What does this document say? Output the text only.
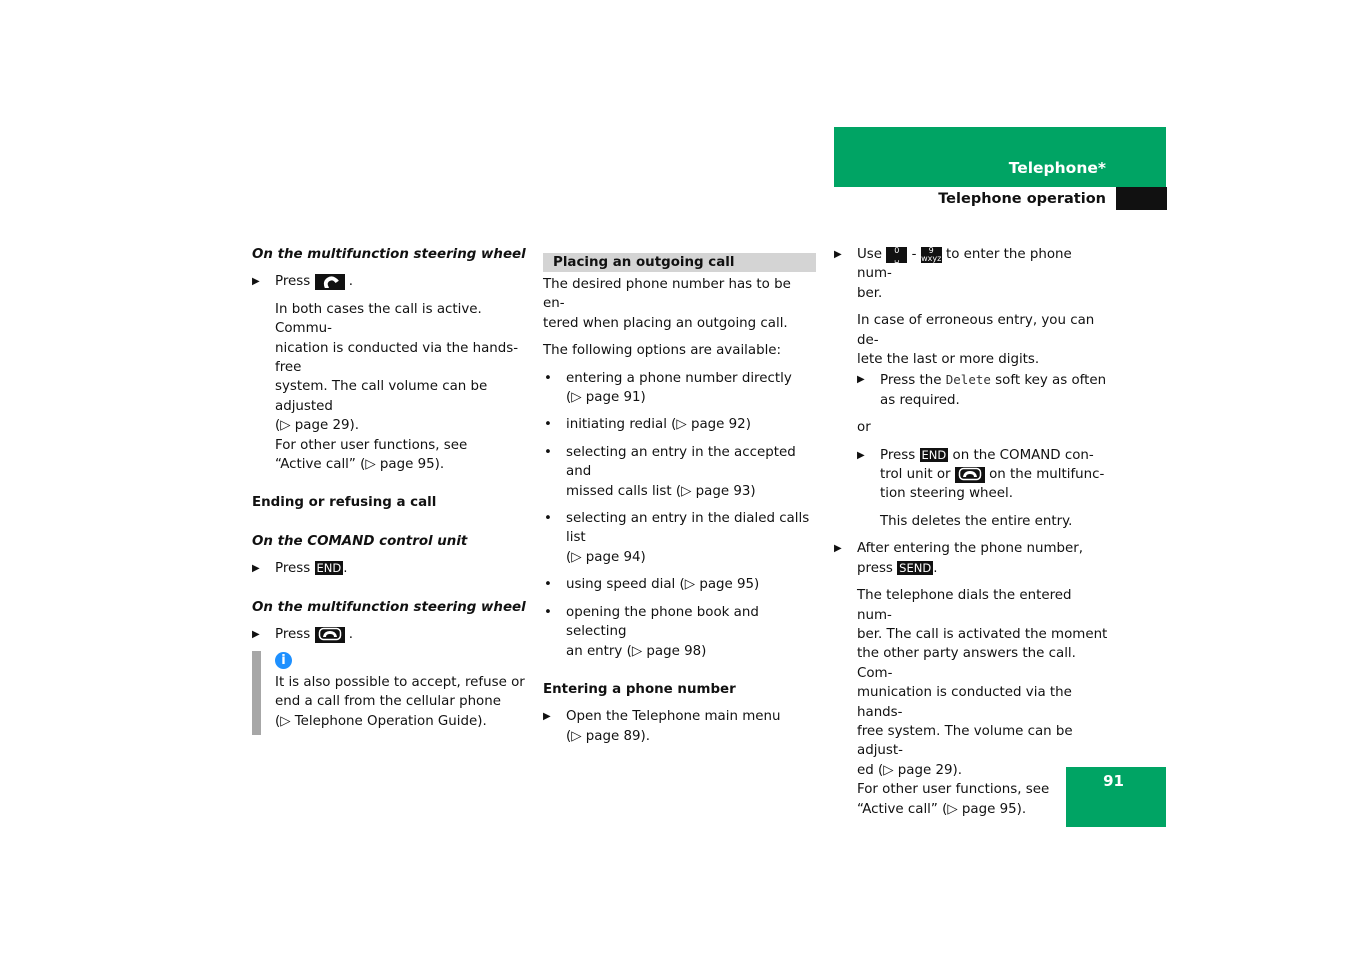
Telephone*
Telephone operation

On the multifunction steering wheel

▶ Press	.

In both cases the call is active. Commu-

nication is conducted via the hands-free

system. The call volume can be adjusted

(▷ page 29).

For other user functions, see

“Active call” (▷ page 95).

Ending or refusing a call

On the COMAND control unit

▶ Press END .

On the multifunction steering wheel

▶ Press	.

i

It is also possible to accept, refuse or

end a call from the cellular phone

(▷ Telephone Operation Guide).

Placing an outgoing call

The desired phone number has to be en-

tered when placing an outgoing call.

The following options are available:

• entering a phone number directly

(▷ page 91)

• initiating redial (▷ page 92)

• selecting an entry in the accepted and

missed calls list (▷ page 93)

• selecting an entry in the dialed calls list

(▷ page 94)

• using speed dial (▷ page 95)

• opening the phone book and selecting

an entry (▷ page 98)

Entering a phone number

▶ Open the Telephone main menu

(▷ page 89).

▶ Use 0
␣ - 9
wxyz to enter the phone num-

ber.

In case of erroneous entry, you can de-

lete the last or more digits.

▶ Press the Delete soft key as often

as required.

or

▶ Press END on the COMAND con-

trol unit or	on the multifunc-

tion steering wheel.

This deletes the entire entry.

▶ After entering the phone number,

press SEND .

The telephone dials the entered num-

ber. The call is activated the moment

the other party answers the call. Com-

munication is conducted via the hands-

free system. The volume can be adjust-

ed (▷ page 29).

For other user functions, see

“Active call” (▷ page 95).

91
